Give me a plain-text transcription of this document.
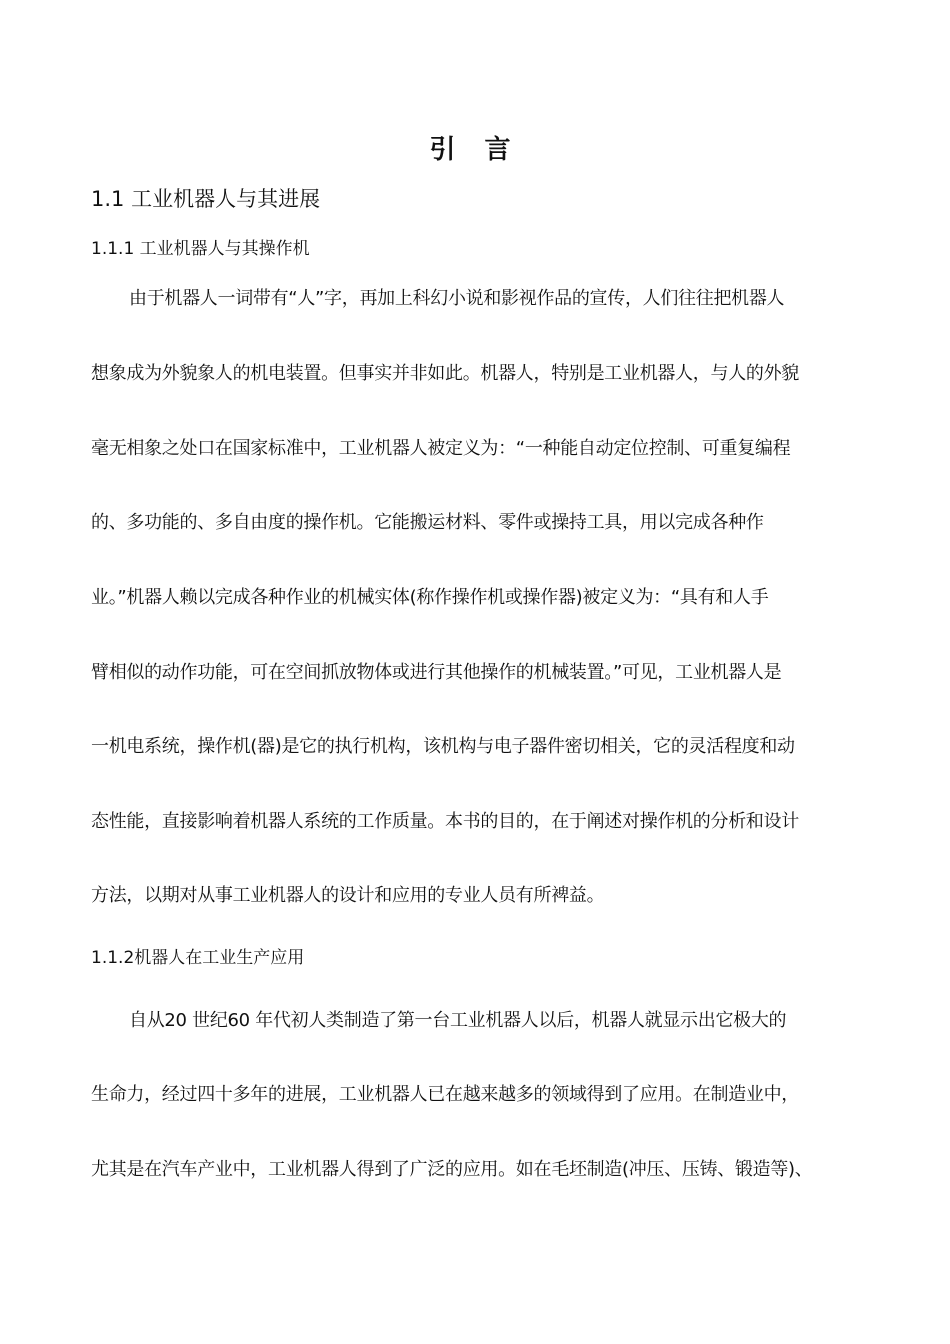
引 言
1.1 工业机器人与其进展
1.1.1 工业机器人与其操作机
由于机器人一词带有“人”字，再加上科幻小说和影视作品的宣传，人们往往把机器人
想象成为外貌象人的机电装置。但事实并非如此。机器人，特别是工业机器人，与人的外貌
毫无相象之处口在国家标准中，工业机器人被定义为：“一种能自动定位控制、可重复编程
的、多功能的、多自由度的操作机。它能搬运材料、零件或操持工具，用以完成各种作
业。”机器人赖以完成各种作业的机械实体(称作操作机或操作器)被定义为：“具有和人手
臂相似的动作功能，可在空间抓放物体或进行其他操作的机械装置。”可见，工业机器人是
一机电系统，操作机(器)是它的执行机构，该机构与电子器件密切相关，它的灵活程度和动
态性能，直接影响着机器人系统的工作质量。本书的目的，在于阐述对操作机的分析和设计
方法，以期对从事工业机器人的设计和应用的专业人员有所裨益。
1.1.2机器人在工业生产应用
自从20 世纪60 年代初人类制造了第一台工业机器人以后，机器人就显示出它极大的
生命力，经过四十多年的进展，工业机器人已在越来越多的领域得到了应用。在制造业中，
尤其是在汽车产业中，工业机器人得到了广泛的应用。如在毛坯制造(冲压、压铸、锻造等)、
